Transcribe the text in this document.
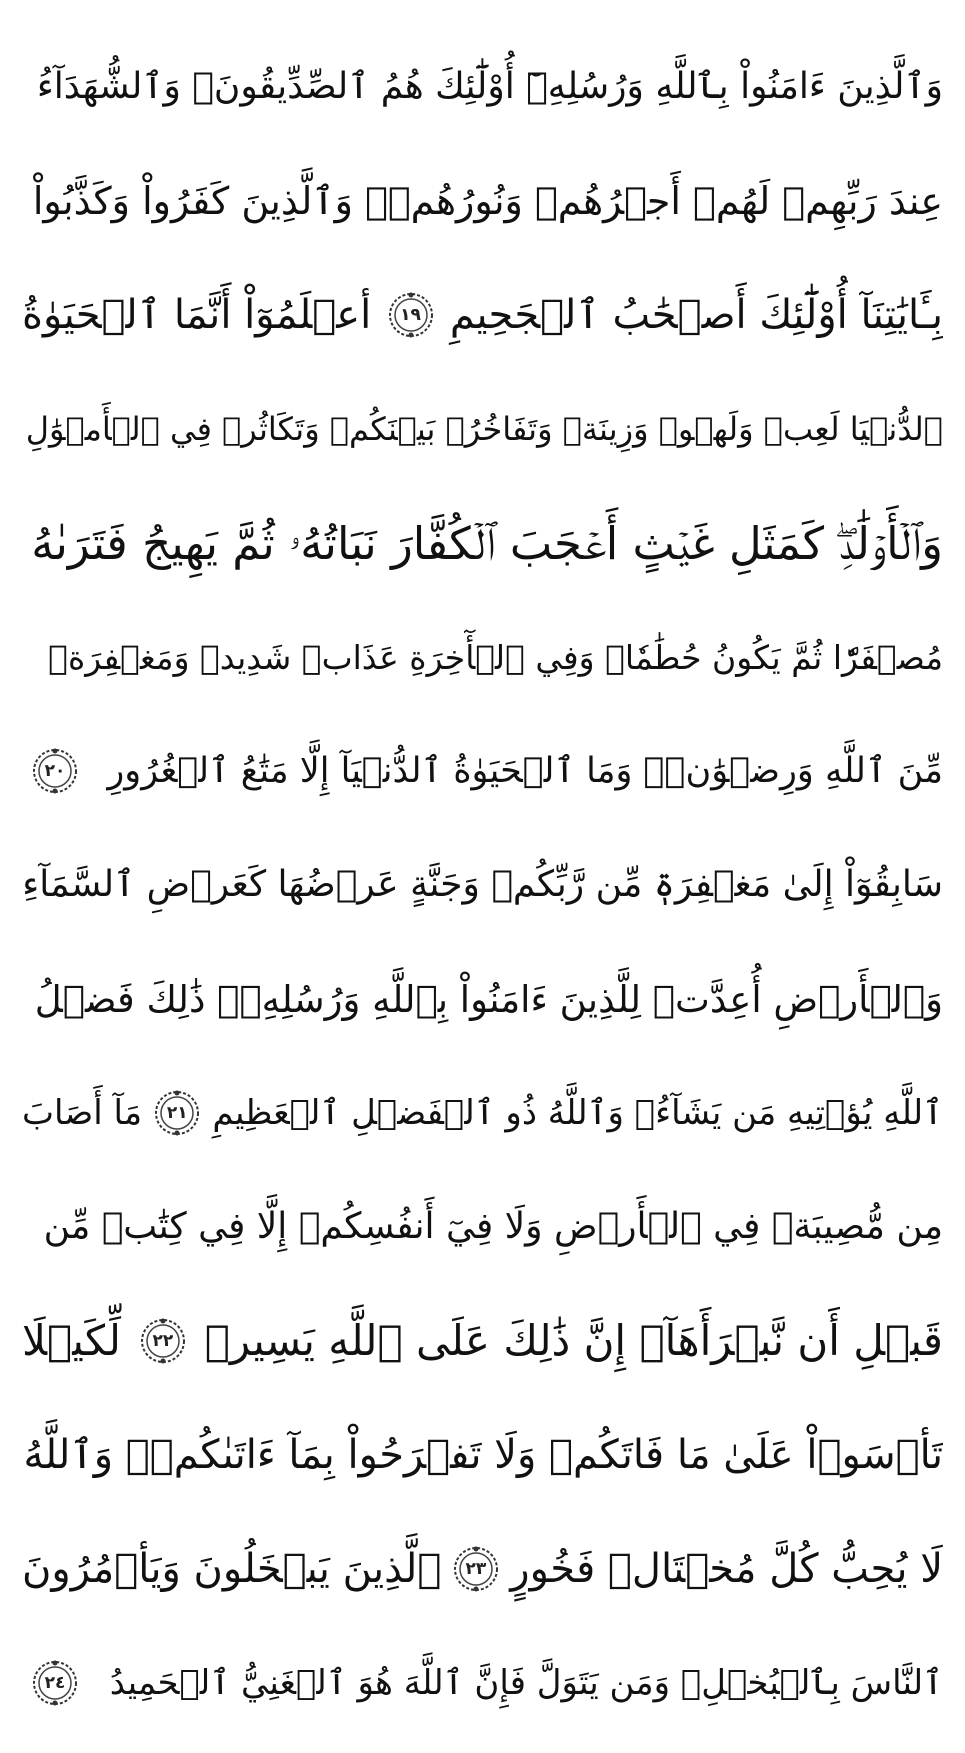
وَٱلَّذِينَ ءَامَنُواْ بِٱللَّهِ وَرُسُلِهِۦٓ أُوْلَٰٓئِكَ هُمُ ٱلصِّدِّيقُونَۖ وَٱلشُّهَدَآءُ
عِندَ رَبِّهِمۡ لَهُمۡ أَجۡرُهُمۡ وَنُورُهُمۡۖ وَٱلَّذِينَ كَفَرُواْ وَكَذَّبُواْ
بِـَٔايَٰتِنَآ أُوْلَٰٓئِكَ أَصۡحَٰبُ ٱلۡجَحِيمِ
١٩
أعۡلَمُوٓاْ أَنَّمَا ٱلۡحَيَوٰةُ
ٱلدُّنۡيَا لَعِبٞ وَلَهۡوٞ وَزِينَةٞ وَتَفَاخُرُۢ بَيۡنَكُمۡ وَتَكَاثُرٞ فِي ٱلۡأَمۡوَٰلِ
وَٱلۡأَوۡلَٰدِۖ كَمَثَلِ غَيۡثٍ أَعۡجَبَ ٱلۡكُفَّارَ نَبَاتُهُۥ ثُمَّ يَهِيجُ فَتَرَىٰهُ
مُصۡفَرّٗا ثُمَّ يَكُونُ حُطَٰمٗاۖ وَفِي ٱلۡأٓخِرَةِ عَذَابٞ شَدِيدٞ وَمَغۡفِرَةٞ
مِّنَ ٱللَّهِ وَرِضۡوَٰنٞۚ وَمَا ٱلۡحَيَوٰةُ ٱلدُّنۡيَآ إِلَّا مَتَٰعُ ٱلۡغُرُورِ
٢٠
سَابِقُوٓاْ إِلَىٰ مَغۡفِرَةٖ مِّن رَّبِّكُمۡ وَجَنَّةٍ عَرۡضُهَا كَعَرۡضِ ٱلسَّمَآءِ
وَٱلۡأَرۡضِ أُعِدَّتۡ لِلَّذِينَ ءَامَنُواْ بِٱللَّهِ وَرُسُلِهِۦۚ ذَٰلِكَ فَضۡلُ
ٱللَّهِ يُؤۡتِيهِ مَن يَشَآءُۚ وَٱللَّهُ ذُو ٱلۡفَضۡلِ ٱلۡعَظِيمِ
٢١
مَآ أَصَابَ
مِن مُّصِيبَةٖ فِي ٱلۡأَرۡضِ وَلَا فِيٓ أَنفُسِكُمۡ إِلَّا فِي كِتَٰبٖ مِّن
قَبۡلِ أَن نَّبۡرَأَهَآۚ إِنَّ ذَٰلِكَ عَلَى ٱللَّهِ يَسِيرٞ
٢٢
لِّكَيۡلَا
تَأۡسَوۡاْ عَلَىٰ مَا فَاتَكُمۡ وَلَا تَفۡرَحُواْ بِمَآ ءَاتَىٰكُمۡۗ وَٱللَّهُ
لَا يُحِبُّ كُلَّ مُخۡتَالٖ فَخُورٍ
٢٣
ٱلَّذِينَ يَبۡخَلُونَ وَيَأۡمُرُونَ
ٱلنَّاسَ بِٱلۡبُخۡلِۗ وَمَن يَتَوَلَّ فَإِنَّ ٱللَّهَ هُوَ ٱلۡغَنِيُّ ٱلۡحَمِيدُ
٢٤
